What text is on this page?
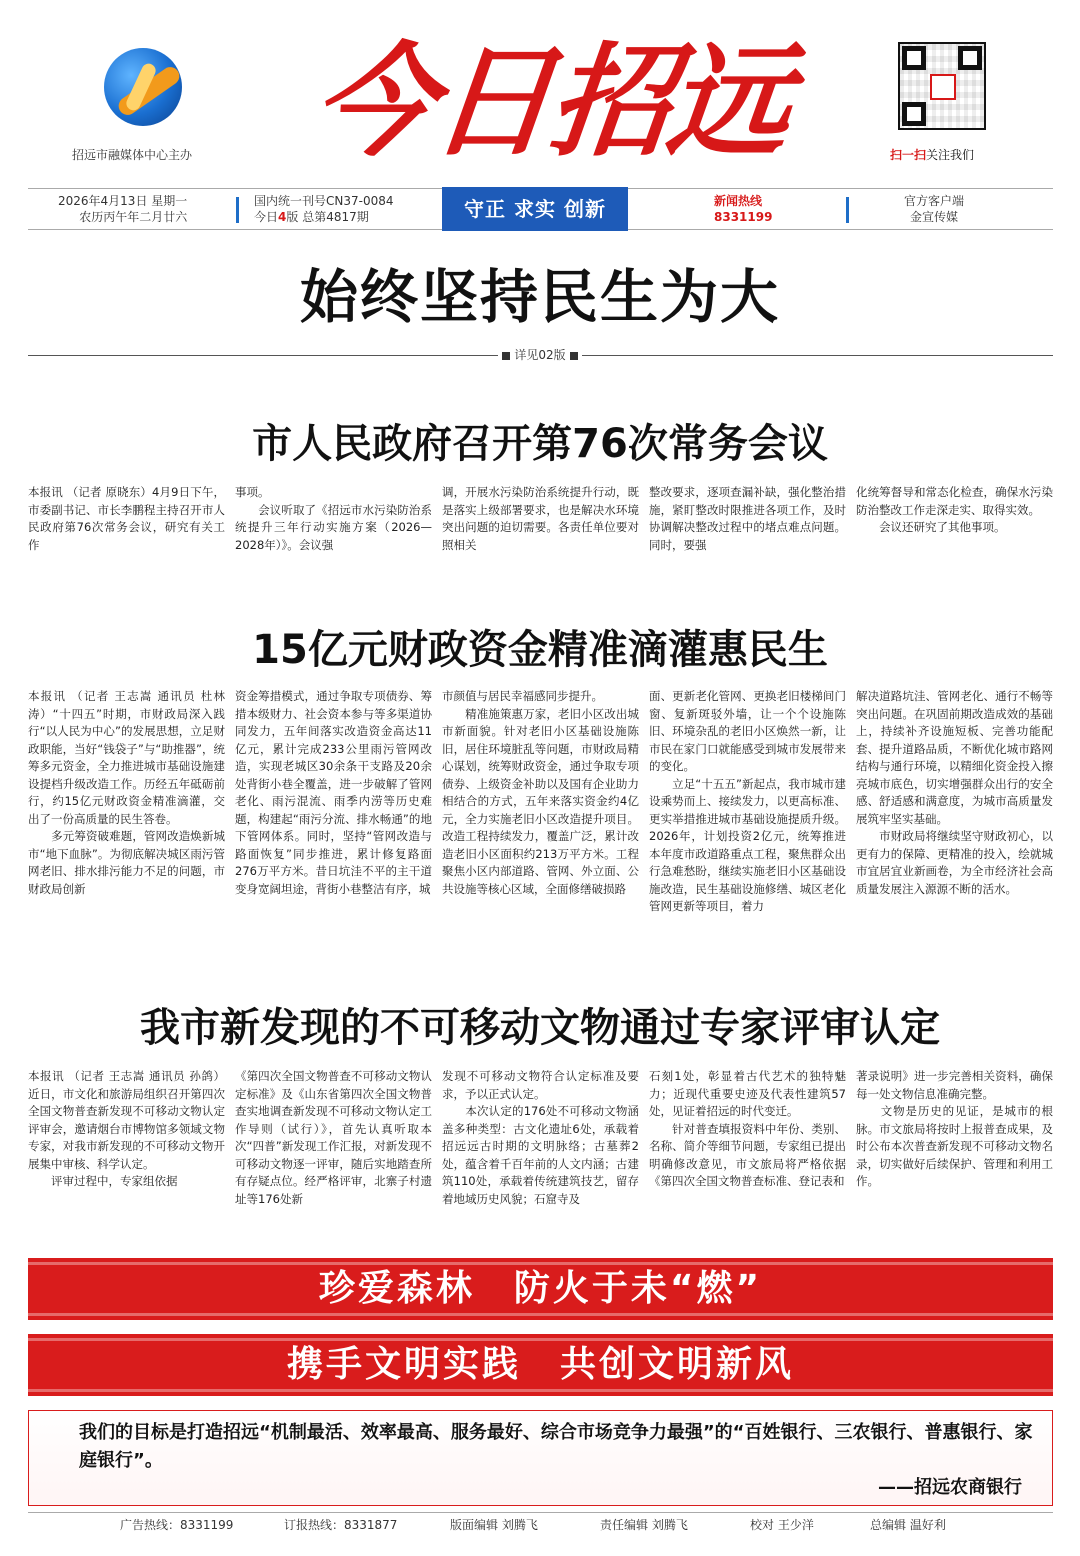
招远市融媒体中心主办 今日招远	扫一扫关注我们
2026年4月13日 星期一
农历丙午年二月廿六
国内统一刊号CN37-0084
今日4版 总第4817期	守正 求实 创新	新闻热线
8331199
官方客户端
金宣传媒
始终坚持民生为大
详见02版
市人民政府召开第76次常务会议
本报讯 （记者 原晓东）4月9日下午，市委副书记、市长李鹏程主持召开市人民政府第76次常务会议，研究有关工作
事项。
　　会议听取了《招远市水污染防治系统提升三年行动实施方案（2026—2028年）》。会议强
调，开展水污染防治系统提升行动，既是落实上级部署要求，也是解决水环境突出问题的迫切需要。各责任单位要对照相关
整改要求，逐项查漏补缺，强化整治措施，紧盯整改时限推进各项工作，及时协调解决整改过程中的堵点难点问题。同时，要强
化统筹督导和常态化检查，确保水污染防治整改工作走深走实、取得实效。
　　会议还研究了其他事项。
15亿元财政资金精准滴灌惠民生
本报讯 （记者 王志嵩 通讯员 杜林涛）“十四五”时期，市财政局深入践行“以人民为中心”的发展思想，立足财政职能，当好“钱袋子”与“助推器”，统筹多元资金，全力推进城市基础设施建设提档升级改造工作。历经五年砥砺前行，约15亿元财政资金精准滴灌，交出了一份高质量的民生答卷。
　　多元筹资破难题，管网改造焕新城市“地下血脉”。为彻底解决城区雨污管网老旧、排水排污能力不足的问题，市财政局创新
资金筹措模式，通过争取专项债券、筹措本级财力、社会资本参与等多渠道协同发力，五年间落实改造资金高达11亿元，累计完成233公里雨污管网改造，实现老城区30余条干支路及20余处背街小巷全覆盖，进一步破解了管网老化、雨污混流、雨季内涝等历史难题，构建起“雨污分流、排水畅通”的地下管网体系。同时，坚持“管网改造与路面恢复”同步推进，累计修复路面276万平方米。昔日坑洼不平的主干道变身宽阔坦途，背街小巷整洁有序，城
市颜值与居民幸福感同步提升。
　　精准施策惠万家，老旧小区改出城市新面貌。针对老旧小区基础设施陈旧，居住环境脏乱等问题，市财政局精心谋划，统筹财政资金，通过争取专项债券、上级资金补助以及国有企业助力相结合的方式，五年来落实资金约4亿元，全力实施老旧小区改造提升项目。改造工程持续发力，覆盖广泛，累计改造老旧小区面积约213万平方米。工程聚焦小区内部道路、管网、外立面、公共设施等核心区域，全面修缮破损路
面、更新老化管网、更换老旧楼梯间门窗、复新斑驳外墙，让一个个设施陈旧、环境杂乱的老旧小区焕然一新，让市民在家门口就能感受到城市发展带来的变化。
　　立足“十五五”新起点，我市城市建设乘势而上、接续发力，以更高标准、更实举措推进城市基础设施提质升级。2026年，计划投资2亿元，统筹推进本年度市政道路重点工程，聚焦群众出行急难愁盼，继续实施老旧小区基础设施改造，民生基础设施修缮、城区老化管网更新等项目，着力
解决道路坑洼、管网老化、通行不畅等突出问题。在巩固前期改造成效的基础上，持续补齐设施短板、完善功能配套、提升道路品质，不断优化城市路网结构与通行环境，以精细化资金投入擦亮城市底色，切实增强群众出行的安全感、舒适感和满意度，为城市高质量发展筑牢坚实基础。
　　市财政局将继续坚守财政初心，以更有力的保障、更精准的投入，绘就城市宜居宜业新画卷，为全市经济社会高质量发展注入源源不断的活水。
我市新发现的不可移动文物通过专家评审认定
本报讯 （记者 王志嵩 通讯员 孙鸽）近日，市文化和旅游局组织召开第四次全国文物普查新发现不可移动文物认定评审会，邀请烟台市博物馆多领域文物专家，对我市新发现的不可移动文物开展集中审核、科学认定。
　　评审过程中，专家组依据
《第四次全国文物普查不可移动文物认定标准》及《山东省第四次全国文物普查实地调查新发现不可移动文物认定工作导则（试行）》，首先认真听取本次“四普”新发现工作汇报，对新发现不可移动文物逐一评审，随后实地踏查所有存疑点位。经严格评审，北寨子村遗址等176处新
发现不可移动文物符合认定标准及要求，予以正式认定。
　　本次认定的176处不可移动文物涵盖多种类型：古文化遗址6处，承载着招远远古时期的文明脉络；古墓葬2处，蕴含着千百年前的人文内涵；古建筑110处，承载着传统建筑技艺，留存着地域历史风貌；石窟寺及
石刻1处，彰显着古代艺术的独特魅力；近现代重要史迹及代表性建筑57处，见证着招远的时代变迁。
　　针对普查填报资料中年份、类别、名称、简介等细节问题，专家组已提出明确修改意见，市文旅局将严格依据《第四次全国文物普查标准、登记表和
著录说明》进一步完善相关资料，确保每一处文物信息准确完整。
　　文物是历史的见证，是城市的根脉。市文旅局将按时上报普查成果，及时公布本次普查新发现不可移动文物名录，切实做好后续保护、管理和利用工作。
珍爱森林　防火于未“燃”
携手文明实践　共创文明新风
我们的目标是打造招远“机制最活、效率最高、服务最好、综合市场竞争力最强”的“百姓银行、三农银行、普惠银行、家庭银行”。
——招远农商银行
广告热线：8331199	订报热线：8331877	版面编辑 刘腾飞	责任编辑 刘腾飞	校对 王少洋	总编辑 温好利
